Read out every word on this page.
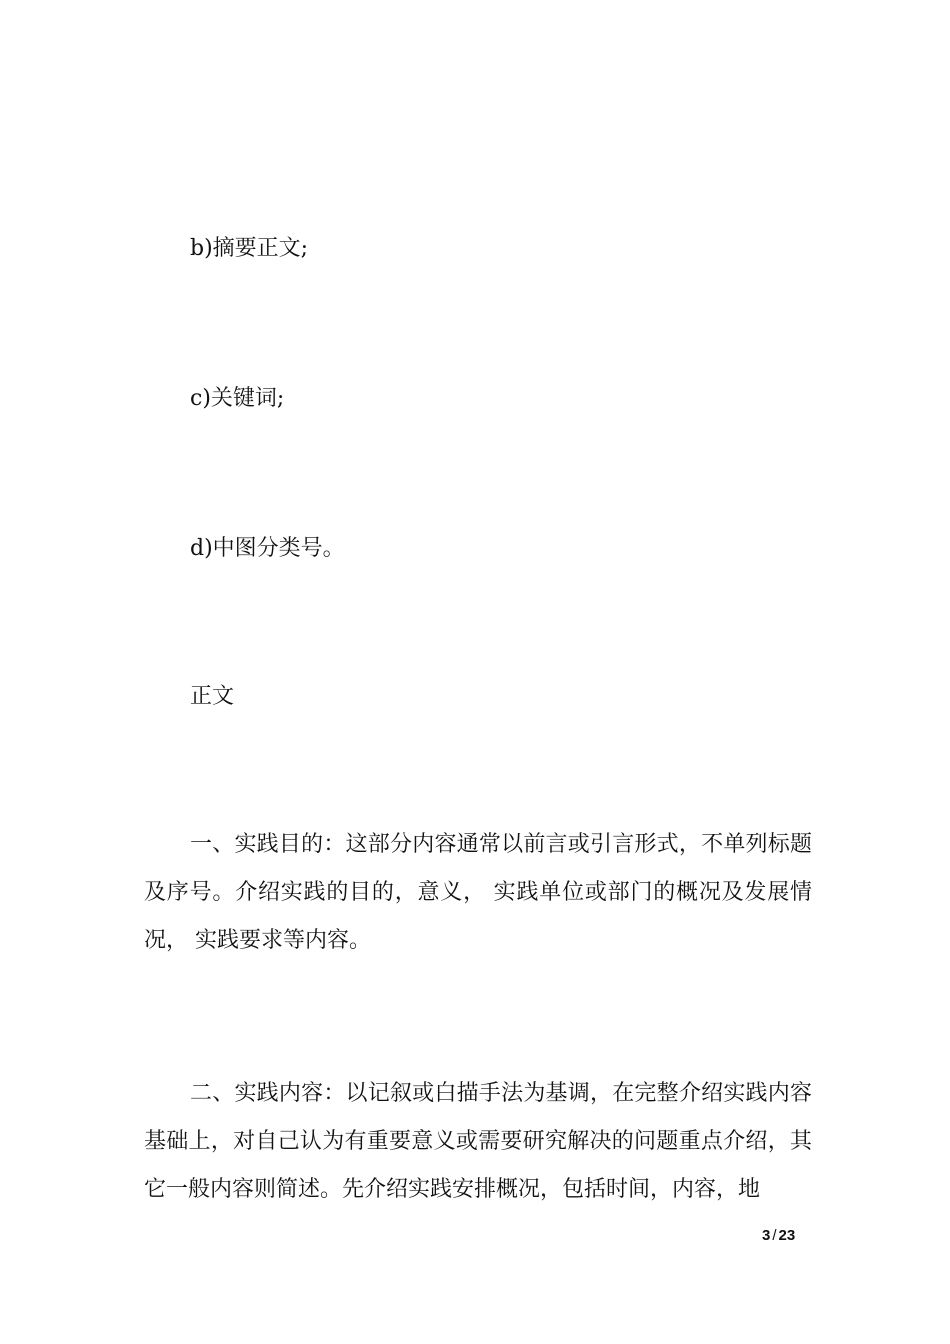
b)摘要正文;

c)关键词;

d)中图分类号。

正文

一、实践目的：这部分内容通常以前言或引言形式，不单列标题及序号。介绍实践的目的，意义， 实践单位或部门的概况及发展情况， 实践要求等内容。

二、实践内容：以记叙或白描手法为基调，在完整介绍实践内容基础上，对自己认为有重要意义或需要研究解决的问题重点介绍，其它一般内容则简述。先介绍实践安排概况，包括时间，内容，地

3 / 23
